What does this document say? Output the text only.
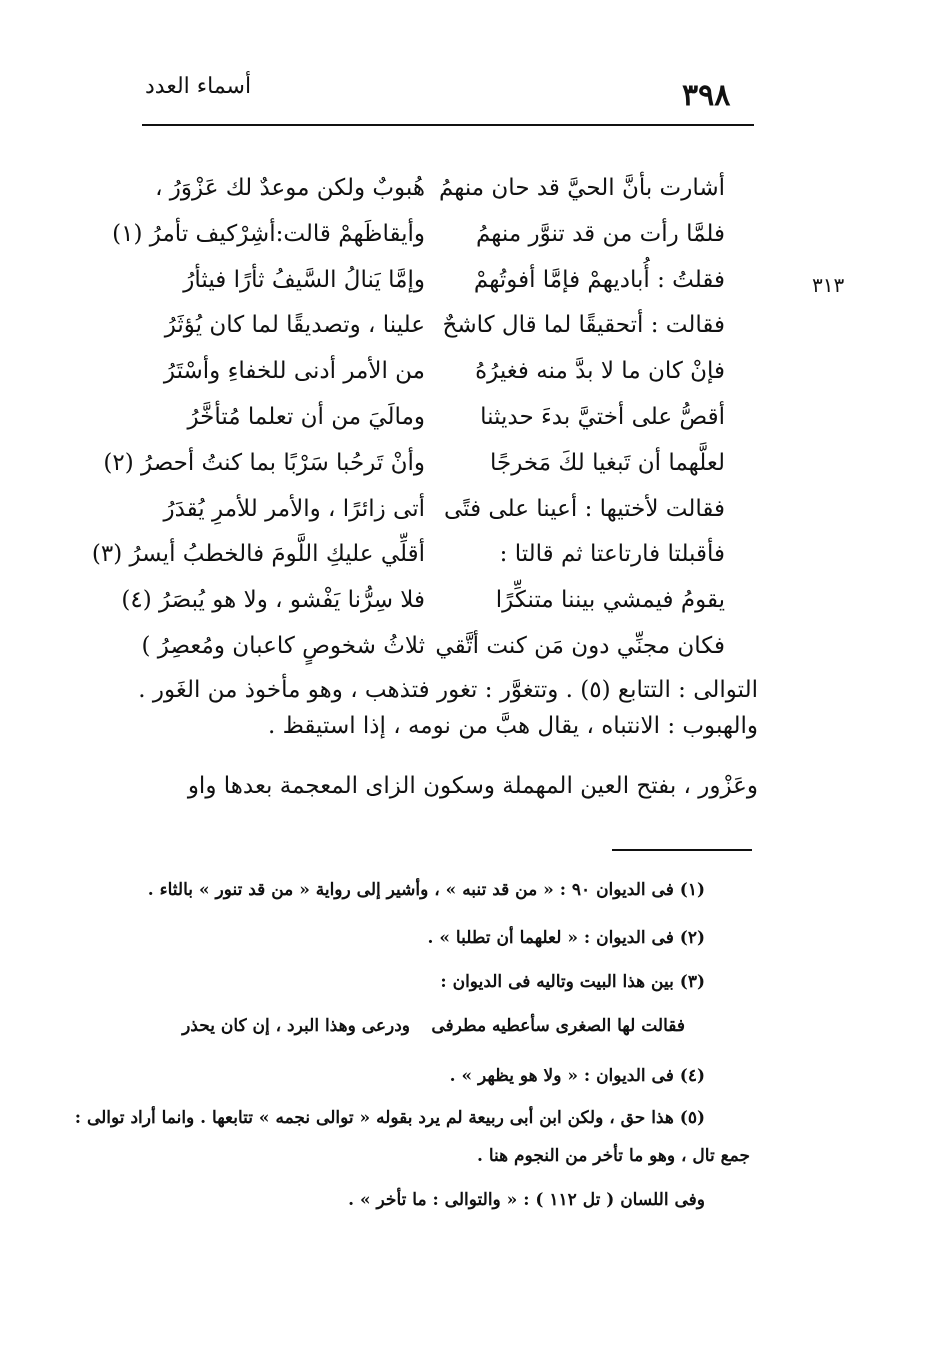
٣٩٨
أسماء العدد
٣١٣
أشارت بأنَّ الحيَّ قد حان منهمُ
فلمَّا رأت من قد تنوَّر منهمُ
فقلتُ : أُباديهمْ فإمَّا أفوتُهمْ
فقالت : أتحقيقًا لما قال كاشحٌ
فإنْ كان ما لا بدَّ منه فغيرُهُ
أقصُّ على أختيَّ بدءَ حديثنا
لعلَّهما أن تَبغيا لكَ مَخرجًا
فقالت لأختيها : أعينا على فتًى
فأقبلتا فارتاعتا ثم قالتا :
يقومُ فيمشي بيننا متنكِّرًا
فكان مجنِّي دون مَن كنت أتَّقي
هُبوبٌ ولكن موعدٌ لك عَزْوَرُ ،
وأيقاظَهمْ قالت:أشِرْكيف تأمرُ (١)
وإمَّا يَنالُ السَّيفُ ثأرًا فيثأرُ
علينا ، وتصديقًا لما كان يُؤثَرُ
من الأمر أدنى للخفاءِ وأسْتَرُ
ومالَيَ من أن تعلما مُتأخَّرُ
وأنْ تَرحُبا سَرْبًا بما كنتُ أحصرُ (٢)
أتى زائرًا ، والأمر للأمرِ يُقدَرُ
أقلِّي عليكِ اللَّومَ فالخطبُ أيسرُ (٣)
فلا سِرُّنا يَفْشو ، ولا هو يُبصَرُ (٤)
ثلاثُ شخوصٍ كاعبان ومُعصِرُ )
التوالى : التتابع (٥) . وتتغوَّر : تغور فتذهب ، وهو مأخوذ من الغَور .
والهبوب : الانتباه ، يقال هبَّ من نومه ، إذا استيقظ .
وعَزْور ، بفتح العين المهملة وسكون الزاى المعجمة بعدها واو
(١) فى الديوان ٩٠ : « من قد تنبه » ، وأشير إلى رواية « من قد تنور » بالثاء .
(٢) فى الديوان : « لعلهما أن تطلبا » .
(٣) بين هذا البيت وتاليه فى الديوان :
فقالت لها الصغرى سأعطيه مطرفى
ودرعى وهذا البرد ، إن كان يحذر
(٤) فى الديوان : « ولا هو يظهر » .
(٥) هذا حق ، ولكن ابن أبى ربيعة لم يرد بقوله « توالى نجمه » تتابعها . وانما أراد توالى :
جمع تال ، وهو ما تأخر من النجوم هنا .
وفى اللسان ( تل ١١٢ ) : « والتوالى : ما تأخر » .
